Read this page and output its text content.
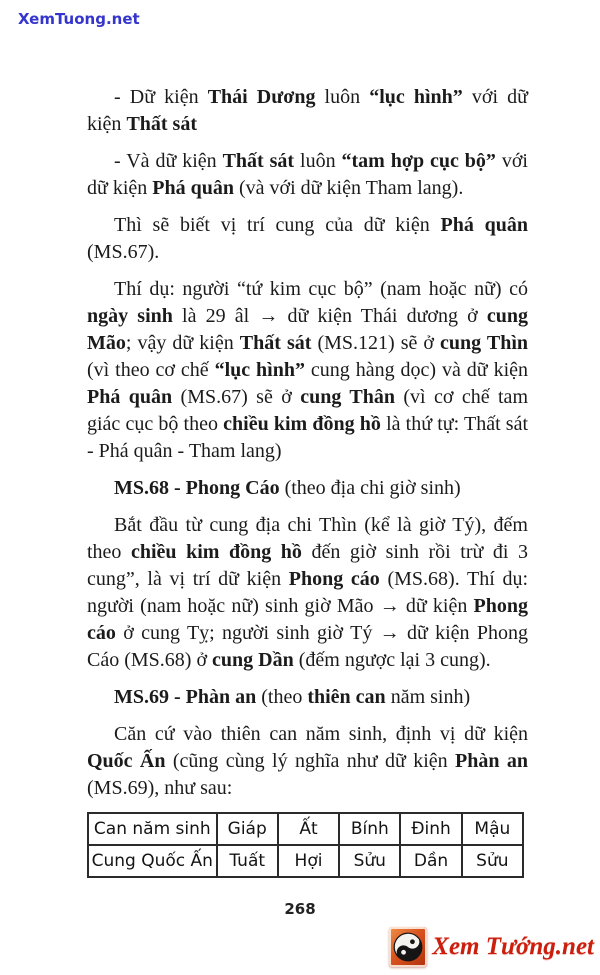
XemTuong.net

- Dữ kiện Thái Dương luôn “lục hình” với dữ kiện Thất sát

- Và dữ kiện Thất sát luôn “tam hợp cục bộ” với dữ kiện Phá quân (và với dữ kiện Tham lang).

Thì sẽ biết vị trí cung của dữ kiện Phá quân (MS.67).

Thí dụ: người “tứ kim cục bộ” (nam hoặc nữ) có ngày sinh là 29 âl → dữ kiện Thái dương ở cung Mão; vậy dữ kiện Thất sát (MS.121) sẽ ở cung Thìn (vì theo cơ chế “lục hình” cung hàng dọc) và dữ kiện Phá quân (MS.67) sẽ ở cung Thân (vì cơ chế tam giác cục bộ theo chiều kim đồng hồ là thứ tự: Thất sát - Phá quân - Tham lang)

MS.68 - Phong Cáo (theo địa chi giờ sinh)

Bắt đầu từ cung địa chi Thìn (kể là giờ Tý), đếm theo chiều kim đồng hồ đến giờ sinh rồi trừ đi 3 cung”, là vị trí dữ kiện Phong cáo (MS.68). Thí dụ: người (nam hoặc nữ) sinh giờ Mão → dữ kiện Phong cáo ở cung Tỵ; người sinh giờ Tý → dữ kiện Phong Cáo (MS.68) ở cung Dần (đếm ngược lại 3 cung).

MS.69 - Phàn an (theo thiên can năm sinh)

Căn cứ vào thiên can năm sinh, định vị dữ kiện Quốc Ấn (cũng cùng lý nghĩa như dữ kiện Phàn an (MS.69), như sau:

Can năm sinh	Giáp	Ất	Bính	Đinh	Mậu
Cung Quốc Ấn	Tuất	Hợi	Sửu	Dần	Sửu
268
Xem Tướng.net
